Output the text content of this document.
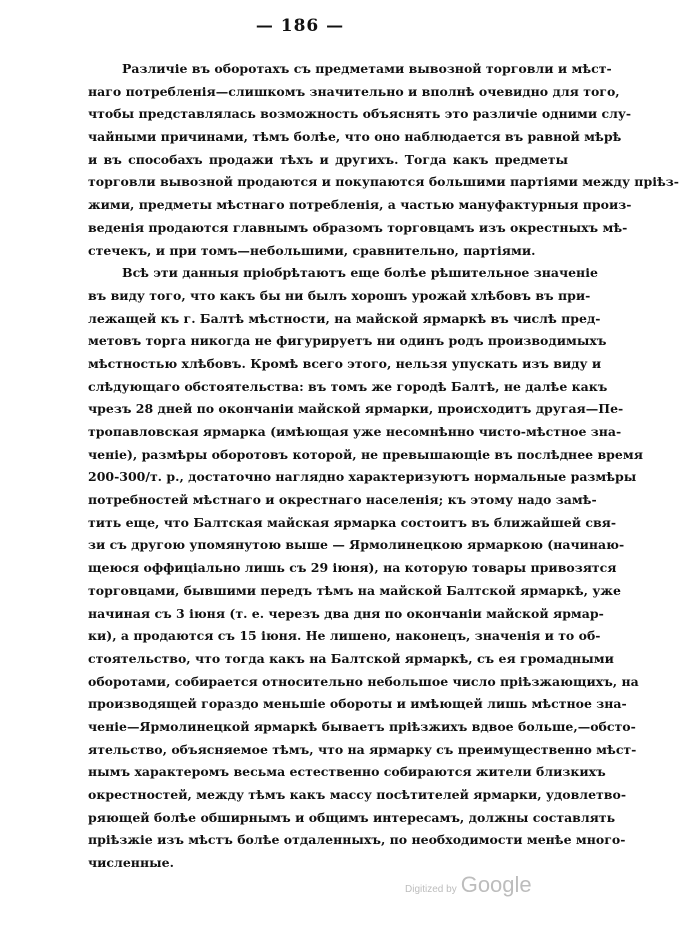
— 186 —
Различіе въ оборотахъ съ предметами вывозной торговли и мѣст-
наго потребленія—слишкомъ значительно и вполнѣ очевидно для того,
чтобы представлялась возможность объяснять это различіе одними слу-
чайными причинами, тѣмъ болѣе, что оно наблюдается въ равной мѣрѣ
и въ способахъ продажи тѣхъ и другихъ. Тогда какъ предметы
торговли вывозной продаются и покупаются большими партіями между пріѣз-
жими, предметы мѣстнаго потребленія, а частью мануфактурныя произ-
веденія продаются главнымъ образомъ торговцамъ изъ окрестныхъ мѣ-
стечекъ, и при томъ—небольшими, сравнительно, партіями.
Всѣ эти данныя пріобрѣтаютъ еще болѣе рѣшительное значеніе
въ виду того, что какъ бы ни былъ хорошъ урожай хлѣбовъ въ при-
лежащей къ г. Балтѣ мѣстности, на майской ярмаркѣ въ числѣ пред-
метовъ торга никогда не фигурируетъ ни одинъ родъ производимыхъ
мѣстностью хлѣбовъ. Кромѣ всего этого, нельзя упускать изъ виду и
слѣдующаго обстоятельства: въ томъ же городѣ Балтѣ, не далѣе какъ
чрезъ 28 дней по окончаніи майской ярмарки, происходитъ другая—Пе-
тропавловская ярмарка (имѣющая уже несомнѣнно чисто-мѣстное зна-
ченіе), размѣры оборотовъ которой, не превышающіе въ послѣднее время
200-300/т. р., достаточно наглядно характеризуютъ нормальные размѣры
потребностей мѣстнаго и окрестнаго населенія; къ этому надо замѣ-
тить еще, что Балтская майская ярмарка состоитъ въ ближайшей свя-
зи съ другою упомянутою выше — Ярмолинецкою ярмаркою (начинаю-
щеюся оффиціально лишь съ 29 іюня), на которую товары привозятся
торговцами, бывшими передъ тѣмъ на майской Балтской ярмаркѣ, уже
начиная съ 3 іюня (т. е. черезъ два дня по окончаніи майской ярмар-
ки), а продаются съ 15 іюня. Не лишено, наконецъ, значенія и то об-
стоятельство, что тогда какъ на Балтской ярмаркѣ, съ ея громадными
оборотами, собирается относительно небольшое число пріѣзжающихъ, на
производящей гораздо меньшіе обороты и имѣющей лишь мѣстное зна-
ченіе—Ярмолинецкой ярмаркѣ бываетъ пріѣзжихъ вдвое больше,—обсто-
ятельство, объясняемое тѣмъ, что на ярмарку съ преимущественно мѣст-
нымъ характеромъ весьма естественно собираются жители близкихъ
окрестностей, между тѣмъ какъ массу посѣтителей ярмарки, удовлетво-
ряющей болѣе обширнымъ и общимъ интересамъ, должны составлять
пріѣзжіе изъ мѣстъ болѣе отдаленныхъ, по необходимости менѣе много-
численные.
Digitized by Google
